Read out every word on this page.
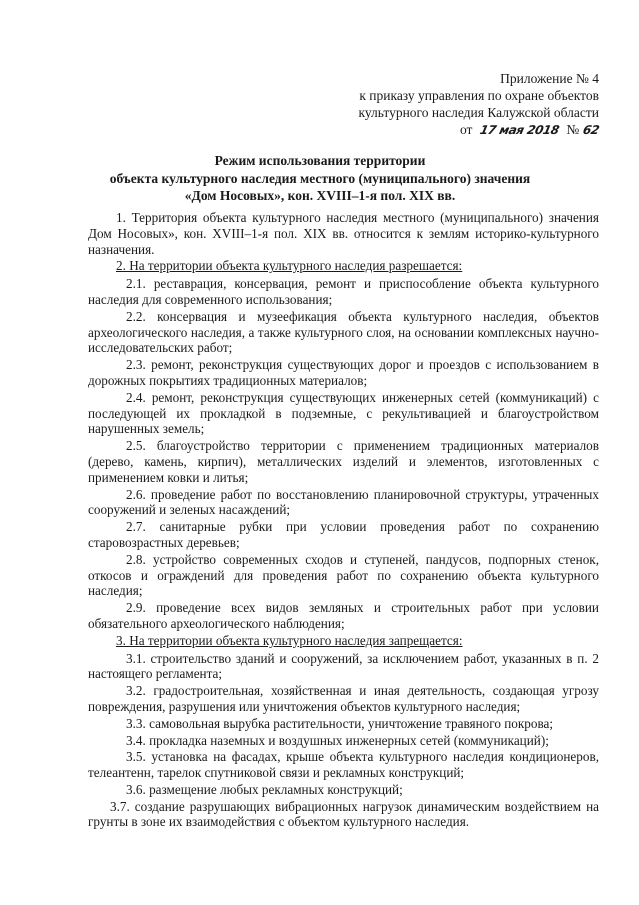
Приложение № 4
к приказу управления по охране объектов
культурного наследия Калужской области
от 17 мая 2018 № 62
Режим использования территории
объекта культурного наследия местного (муниципального) значения
«Дом Носовых», кон. XVIII–1-я пол. XIX вв.

1. Территория объекта культурного наследия местного (муниципального) значения Дом Носовых», кон. XVIII–1-я пол. XIX вв. относится к землям историко-культурного назначения.

2. На территории объекта культурного наследия разрешается:

2.1. реставрация, консервация, ремонт и приспособление объекта культурного наследия для современного использования;

2.2. консервация и музеефикация объекта культурного наследия, объектов археологического наследия, а также культурного слоя, на основании комплексных научно-исследовательских работ;

2.3. ремонт, реконструкция существующих дорог и проездов с использованием в дорожных покрытиях традиционных материалов;

2.4. ремонт, реконструкция существующих инженерных сетей (коммуникаций) с последующей их прокладкой в подземные, с рекультивацией и благоустройством нарушенных земель;

2.5. благоустройство территории с применением традиционных материалов (дерево, камень, кирпич), металлических изделий и элементов, изготовленных с применением ковки и литья;

2.6. проведение работ по восстановлению планировочной структуры, утраченных сооружений и зеленых насаждений;

2.7. санитарные рубки при условии проведения работ по сохранению старовозрастных деревьев;

2.8. устройство современных сходов и ступеней, пандусов, подпорных стенок, откосов и ограждений для проведения работ по сохранению объекта культурного наследия;

2.9. проведение всех видов земляных и строительных работ при условии обязательного археологического наблюдения;

3. На территории объекта культурного наследия запрещается:

3.1. строительство зданий и сооружений, за исключением работ, указанных в п. 2 настоящего регламента;

3.2. градостроительная, хозяйственная и иная деятельность, создающая угрозу повреждения, разрушения или уничтожения объектов культурного наследия;

3.3. самовольная вырубка растительности, уничтожение травяного покрова;

3.4. прокладка наземных и воздушных инженерных сетей (коммуникаций);

3.5. установка на фасадах, крыше объекта культурного наследия кондиционеров, телеантенн, тарелок спутниковой связи и рекламных конструкций;

3.6. размещение любых рекламных конструкций;

3.7. создание разрушающих вибрационных нагрузок динамическим воздействием на грунты в зоне их взаимодействия с объектом культурного наследия.
